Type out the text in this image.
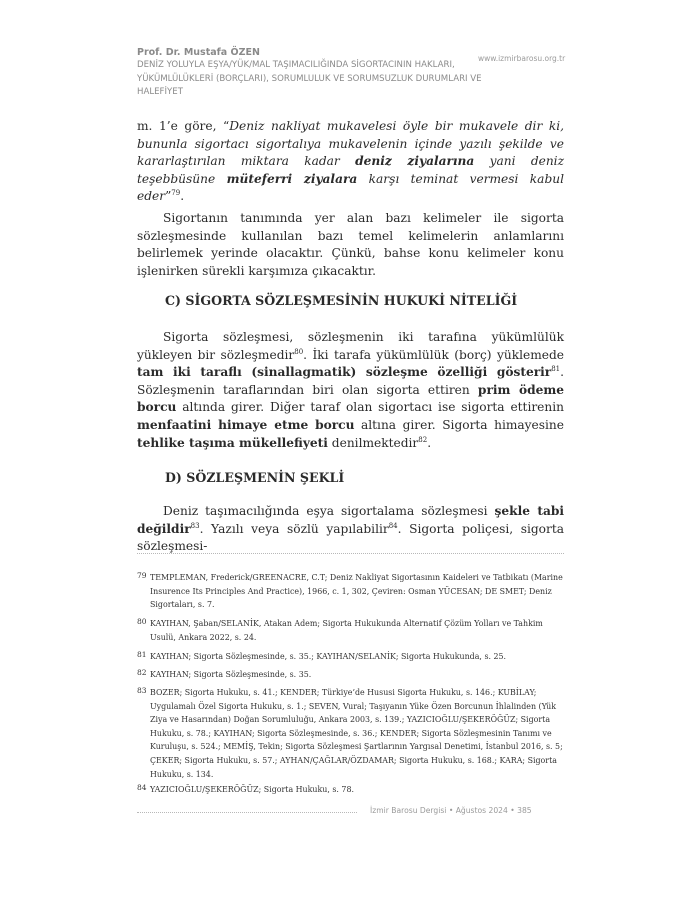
Prof. Dr. Mustafa ÖZEN
DENİZ YOLUYLA EŞYA/YÜK/MAL TAŞIMACILIĞINDA SİGORTACININ HAKLARI, YÜKÜMLÜLÜKLERİ (BORÇLARI), SORUMLULUK VE SORUMSUZLUK DURUMLARI VE HALEFİYET
www.izmirbarosu.org.tr

m. 1’e göre, “Deniz nakliyat mukavelesi öyle bir mukavele dir ki, bununla sigortacı sigortalıya mukavelenin içinde yazılı şekilde ve kararlaştırılan miktara kadar deniz ziyalarına yani deniz teşebbüsüne müteferri ziyalara karşı teminat vermesi kabul eder”$^{79}$.

Sigortanın tanımında yer alan bazı kelimeler ile sigorta sözleşmesinde kullanılan bazı temel kelimelerin anlamlarını belirlemek yerinde olacaktır. Çünkü, bahse konu kelimeler konu işlenirken sürekli karşımıza çıkacaktır.

C) SİGORTA SÖZLEŞMESİNİN HUKUKİ NİTELİĞİ

Sigorta sözleşmesi, sözleşmenin iki tarafına yükümlülük yükleyen bir sözleşmedir$^{80}$. İki tarafa yükümlülük (borç) yüklemede tam iki taraflı (sinallagmatik) sözleşme özelliği gösterir$^{81}$. Sözleşmenin taraflarından biri olan sigorta ettiren prim ödeme borcu altında girer. Diğer taraf olan sigortacı ise sigorta ettirenin menfaatini himaye etme borcu altına girer. Sigorta himayesine tehlike taşıma mükellefiyeti denilmektedir$^{82}$.

D) SÖZLEŞMENİN ŞEKLİ

Deniz taşımacılığında eşya sigortalama sözleşmesi şekle tabi değildir$^{83}$. Yazılı veya sözlü yapılabilir$^{84}$. Sigorta poliçesi, sigorta sözleşmesi-

79 TEMPLEMAN, Frederick/GREENACRE, C.T; Deniz Nakliyat Sigortasının Kaideleri ve Tatbikatı (Marine Insurence Its Principles And Practice), 1966, c. 1, 302, Çeviren: Osman YÜCESAN; DE SMET; Deniz Sigortaları, s. 7.
80 KAYIHAN, Şaban/SELANİK, Atakan Adem; Sigorta Hukukunda Alternatif Çözüm Yolları ve Tahkim Usulü, Ankara 2022, s. 24.
81 KAYIHAN; Sigorta Sözleşmesinde, s. 35.; KAYIHAN/SELANİK; Sigorta Hukukunda, s. 25.
82 KAYIHAN; Sigorta Sözleşmesinde, s. 35.
83 BOZER; Sigorta Hukuku, s. 41.; KENDER; Türkiye’de Hususi Sigorta Hukuku, s. 146.; KUBİLAY; Uygulamalı Özel Sigorta Hukuku, s. 1.; SEVEN, Vural; Taşıyanın Yüke Özen Borcunun İhlalinden (Yük Ziya ve Hasarından) Doğan Sorumluluğu, Ankara 2003, s. 139.; YAZICIOĞLU/ŞEKERÖĞÜZ; Sigorta Hukuku, s. 78.; KAYIHAN; Sigorta Sözleşmesinde, s. 36.; KENDER; Sigorta Sözleşmesinin Tanımı ve Kuruluşu, s. 524.; MEMİŞ, Tekin; Sigorta Sözleşmesi Şartlarının Yargısal Denetimi, İstanbul 2016, s. 5; ÇEKER; Sigorta Hukuku, s. 57.; AYHAN/ÇAĞLAR/ÖZDAMAR; Sigorta Hukuku, s. 168.; KARA; Sigorta Hukuku, s. 134.
84 YAZICIOĞLU/ŞEKERÖĞÜZ; Sigorta Hukuku, s. 78.
İzmir Barosu Dergisi • Ağustos 2024 • 385
